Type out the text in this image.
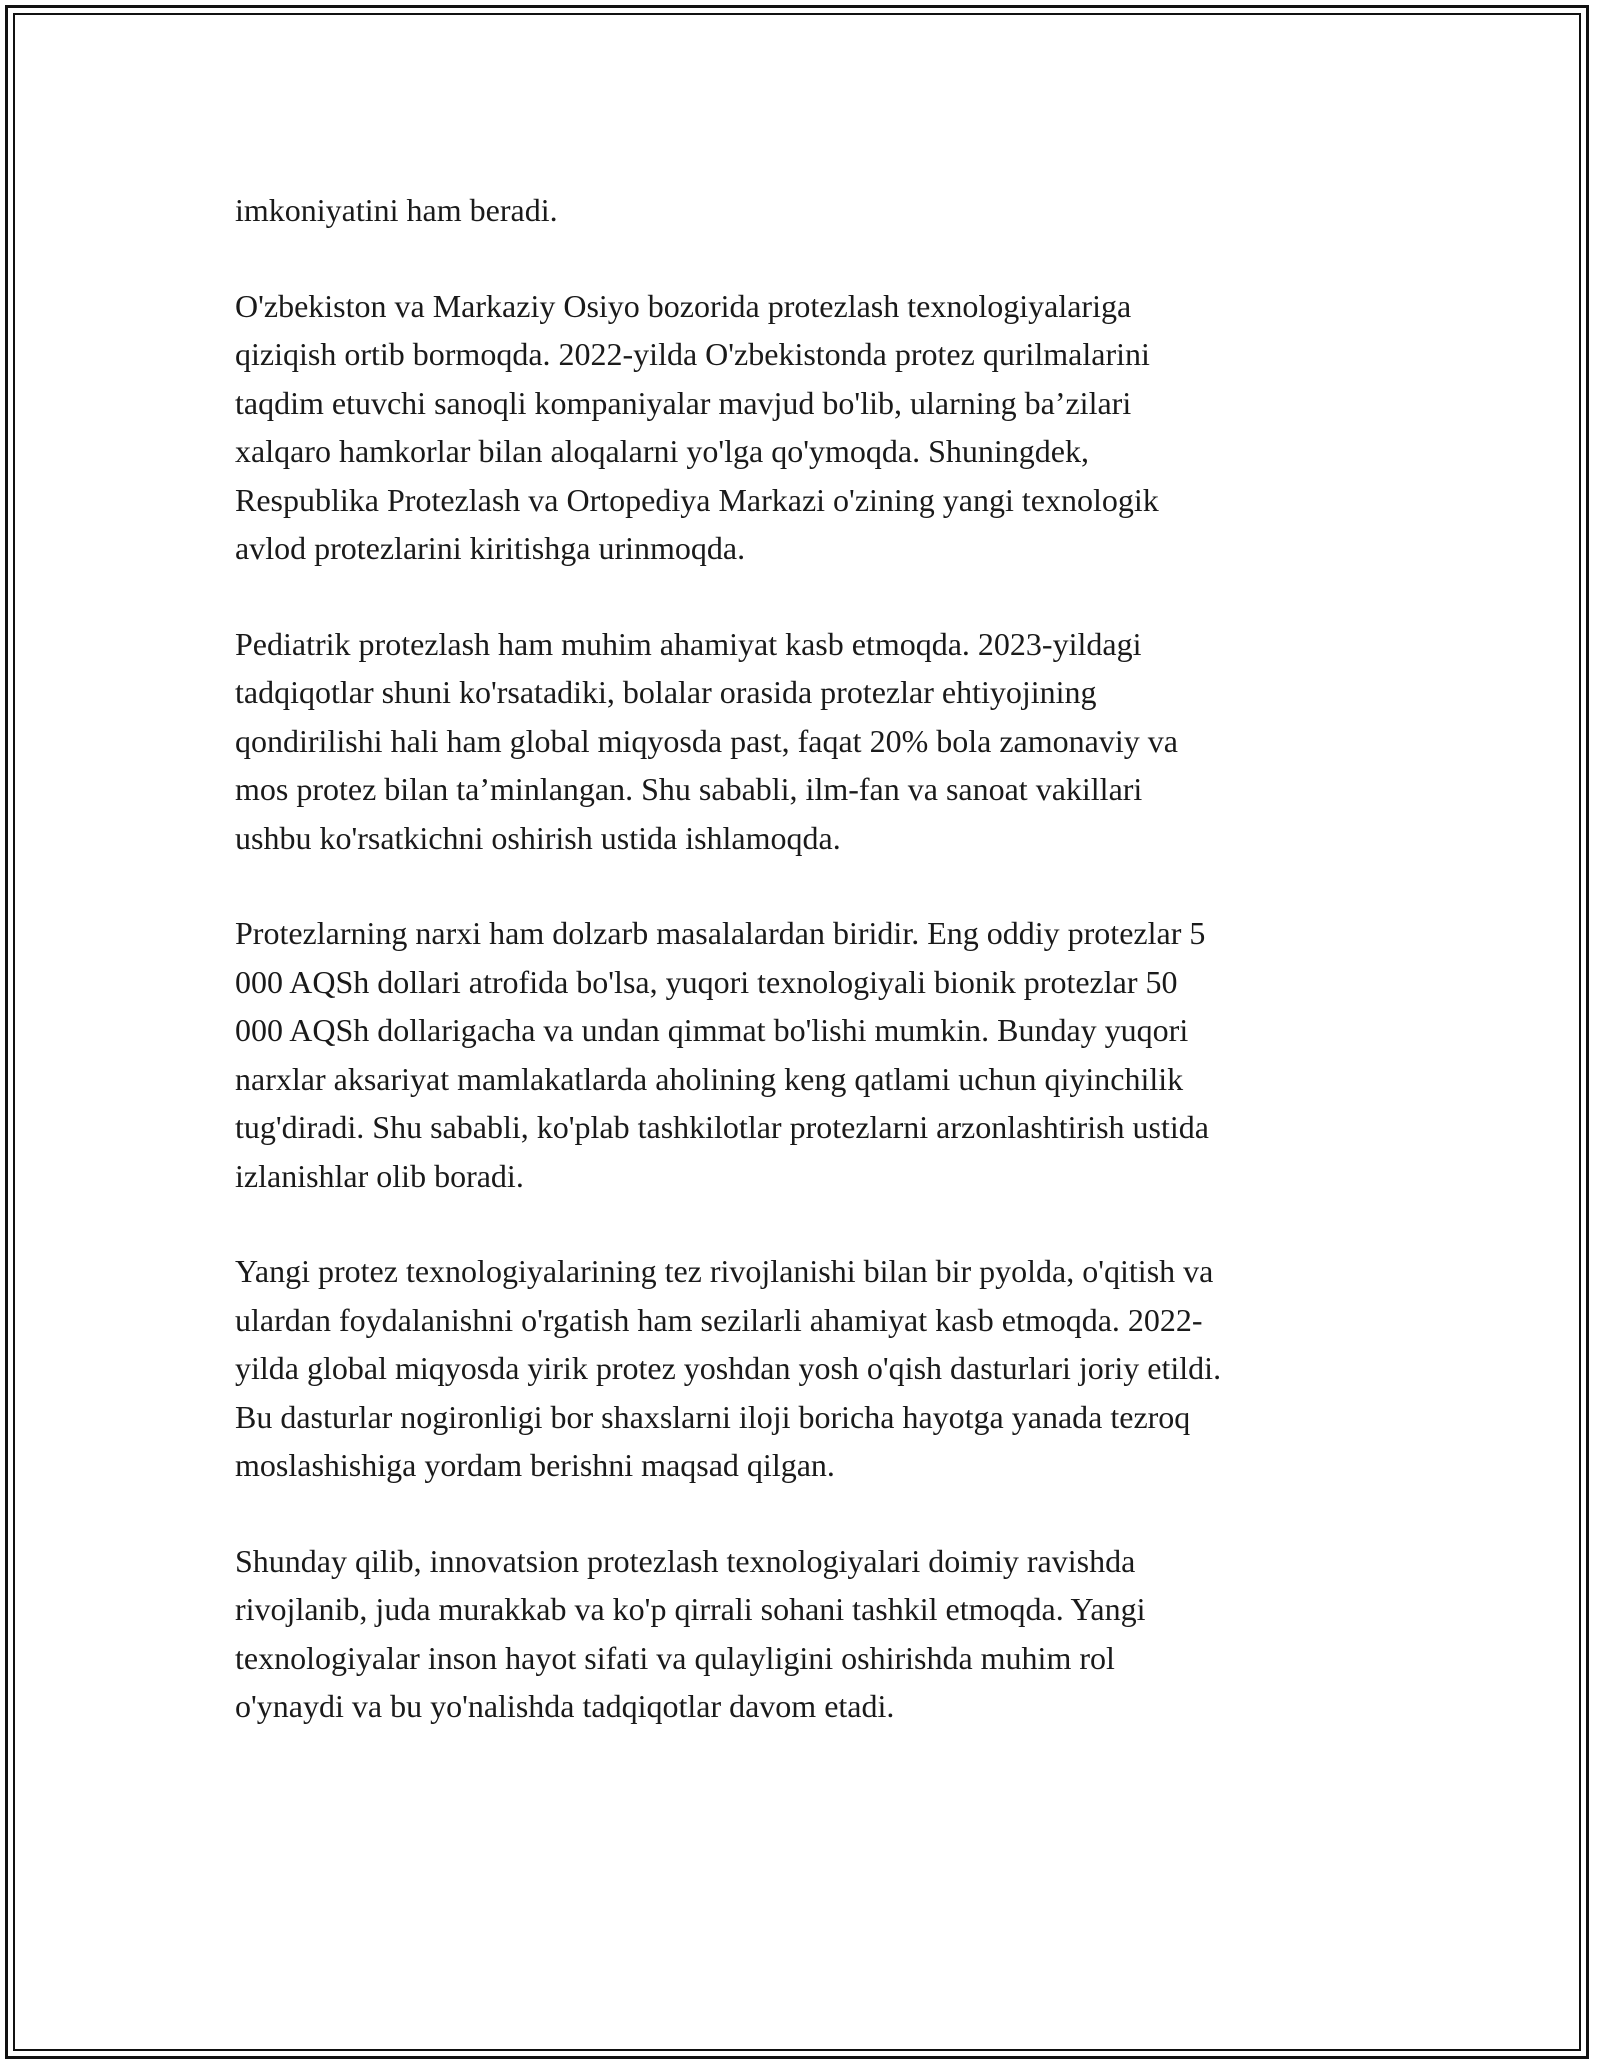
imkoniyatini ham beradi.

O'zbekiston va Markaziy Osiyo bozorida protezlash texnologiyalariga
qiziqish ortib bormoqda. 2022-yilda O'zbekistonda protez qurilmalarini
taqdim etuvchi sanoqli kompaniyalar mavjud bo'lib, ularning ba’zilari
xalqaro hamkorlar bilan aloqalarni yo'lga qo'ymoqda. Shuningdek,
Respublika Protezlash va Ortopediya Markazi o'zining yangi texnologik
avlod protezlarini kiritishga urinmoqda.

Pediatrik protezlash ham muhim ahamiyat kasb etmoqda. 2023-yildagi
tadqiqotlar shuni ko'rsatadiki, bolalar orasida protezlar ehtiyojining
qondirilishi hali ham global miqyosda past, faqat 20% bola zamonaviy va
mos protez bilan ta’minlangan. Shu sababli, ilm-fan va sanoat vakillari
ushbu ko'rsatkichni oshirish ustida ishlamoqda.

Protezlarning narxi ham dolzarb masalalardan biridir. Eng oddiy protezlar 5
000 AQSh dollari atrofida bo'lsa, yuqori texnologiyali bionik protezlar 50
000 AQSh dollarigacha va undan qimmat bo'lishi mumkin. Bunday yuqori
narxlar aksariyat mamlakatlarda aholining keng qatlami uchun qiyinchilik
tug'diradi. Shu sababli, ko'plab tashkilotlar protezlarni arzonlashtirish ustida
izlanishlar olib boradi.

Yangi protez texnologiyalarining tez rivojlanishi bilan bir pyolda, o'qitish va
ulardan foydalanishni o'rgatish ham sezilarli ahamiyat kasb etmoqda. 2022-
yilda global miqyosda yirik protez yoshdan yosh o'qish dasturlari joriy etildi.
Bu dasturlar nogironligi bor shaxslarni iloji boricha hayotga yanada tezroq
moslashishiga yordam berishni maqsad qilgan.

Shunday qilib, innovatsion protezlash texnologiyalari doimiy ravishda
rivojlanib, juda murakkab va ko'p qirrali sohani tashkil etmoqda. Yangi
texnologiyalar inson hayot sifati va qulayligini oshirishda muhim rol
o'ynaydi va bu yo'nalishda tadqiqotlar davom etadi.
